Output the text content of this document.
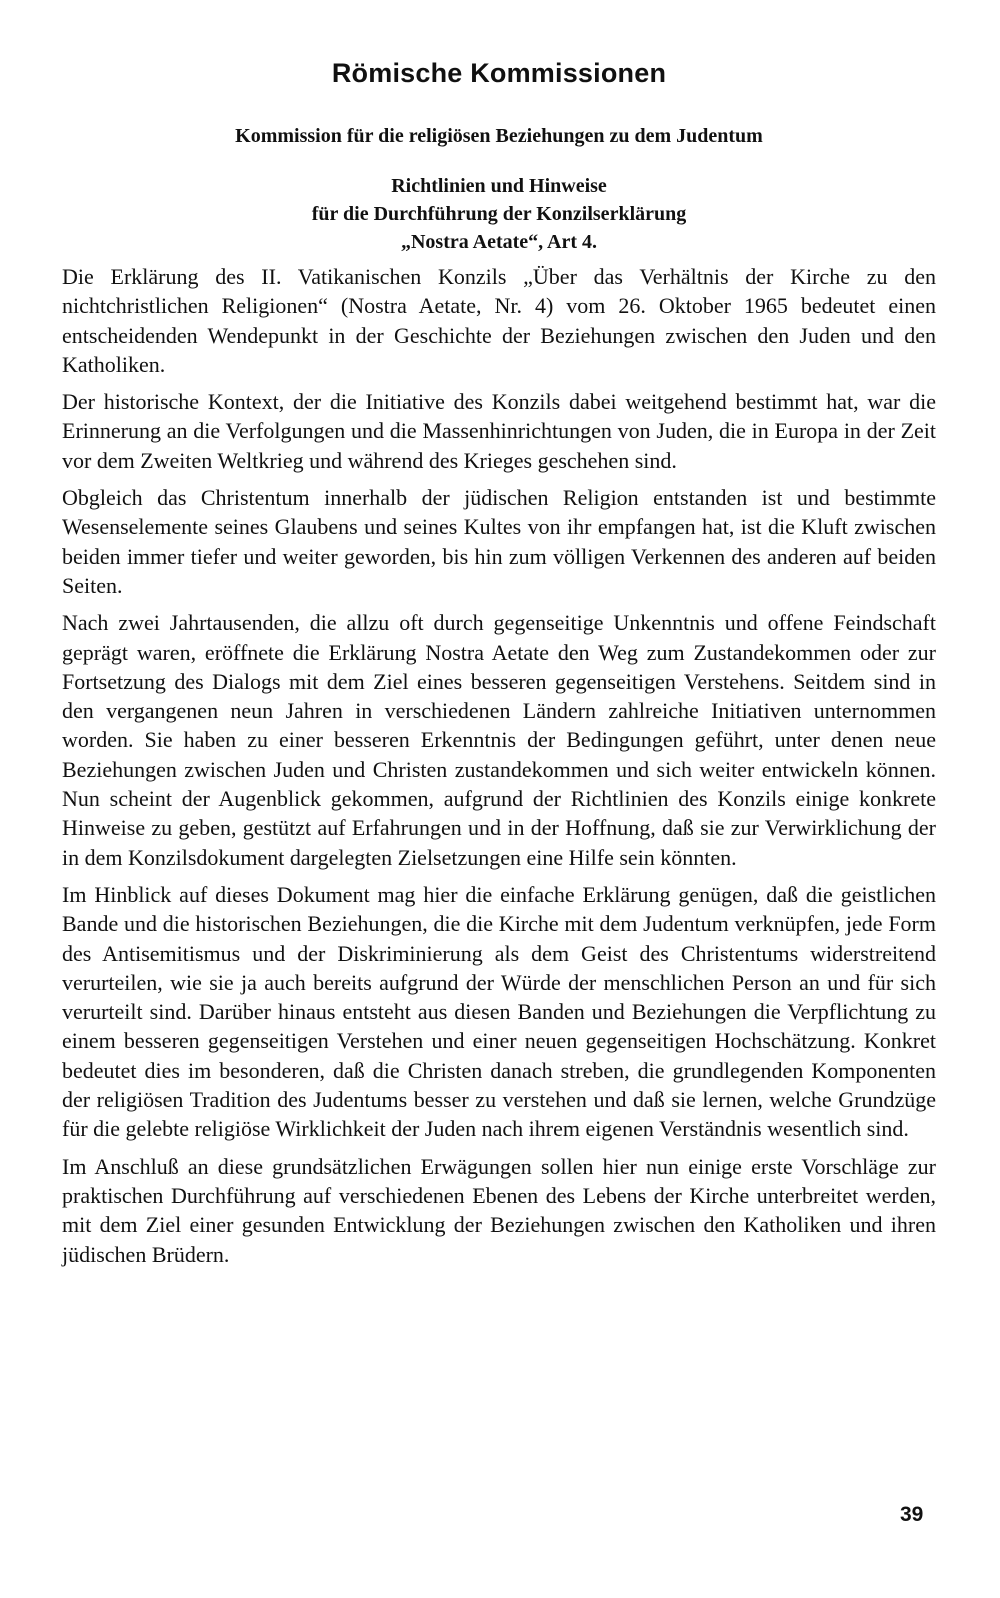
Römische Kommissionen
Kommission für die religiösen Beziehungen zu dem Judentum
Richtlinien und Hinweise
für die Durchführung der Konzilserklärung
„Nostra Aetate“, Art 4.

Die Erklärung des II. Vatikanischen Konzils „Über das Verhältnis der Kirche zu den nichtchristlichen Religionen“ (Nostra Aetate, Nr. 4) vom 26. Oktober 1965 bedeutet einen entscheidenden Wendepunkt in der Geschichte der Beziehungen zwischen den Juden und den Katholiken.

Der historische Kontext, der die Initiative des Konzils dabei weitgehend bestimmt hat, war die Erinnerung an die Verfolgungen und die Massenhinrichtungen von Juden, die in Europa in der Zeit vor dem Zweiten Weltkrieg und während des Krieges geschehen sind.

Obgleich das Christentum innerhalb der jüdischen Religion entstanden ist und bestimmte Wesenselemente seines Glaubens und seines Kultes von ihr empfangen hat, ist die Kluft zwischen beiden immer tiefer und weiter geworden, bis hin zum völligen Verkennen des anderen auf beiden Seiten.

Nach zwei Jahrtausenden, die allzu oft durch gegenseitige Unkenntnis und offene Feindschaft geprägt waren, eröffnete die Erklärung Nostra Aetate den Weg zum Zustandekommen oder zur Fortsetzung des Dialogs mit dem Ziel eines besseren gegenseitigen Verstehens. Seitdem sind in den vergangenen neun Jahren in verschiedenen Ländern zahlreiche Initiativen unternommen worden. Sie haben zu einer besseren Erkenntnis der Bedingungen geführt, unter denen neue Beziehungen zwischen Juden und Christen zustandekommen und sich weiter entwickeln können. Nun scheint der Augenblick gekommen, aufgrund der Richtlinien des Konzils einige konkrete Hinweise zu geben, gestützt auf Erfahrungen und in der Hoffnung, daß sie zur Verwirklichung der in dem Konzilsdokument dargelegten Zielsetzungen eine Hilfe sein könnten.

Im Hinblick auf dieses Dokument mag hier die einfache Erklärung genügen, daß die geistlichen Bande und die historischen Beziehungen, die die Kirche mit dem Judentum verknüpfen, jede Form des Antisemitismus und der Diskriminierung als dem Geist des Christentums widerstreitend verurteilen, wie sie ja auch bereits aufgrund der Würde der menschlichen Person an und für sich verurteilt sind. Darüber hinaus entsteht aus diesen Banden und Beziehungen die Verpflichtung zu einem besseren gegenseitigen Verstehen und einer neuen gegenseitigen Hochschätzung. Konkret bedeutet dies im besonderen, daß die Christen danach streben, die grundlegenden Komponenten der religiösen Tradition des Judentums besser zu verstehen und daß sie lernen, welche Grundzüge für die gelebte religiöse Wirklichkeit der Juden nach ihrem eigenen Verständnis wesentlich sind.

Im Anschluß an diese grundsätzlichen Erwägungen sollen hier nun einige erste Vorschläge zur praktischen Durchführung auf verschiedenen Ebenen des Lebens der Kirche unterbreitet werden, mit dem Ziel einer gesunden Entwicklung der Beziehungen zwischen den Katholiken und ihren jüdischen Brüdern.

39
